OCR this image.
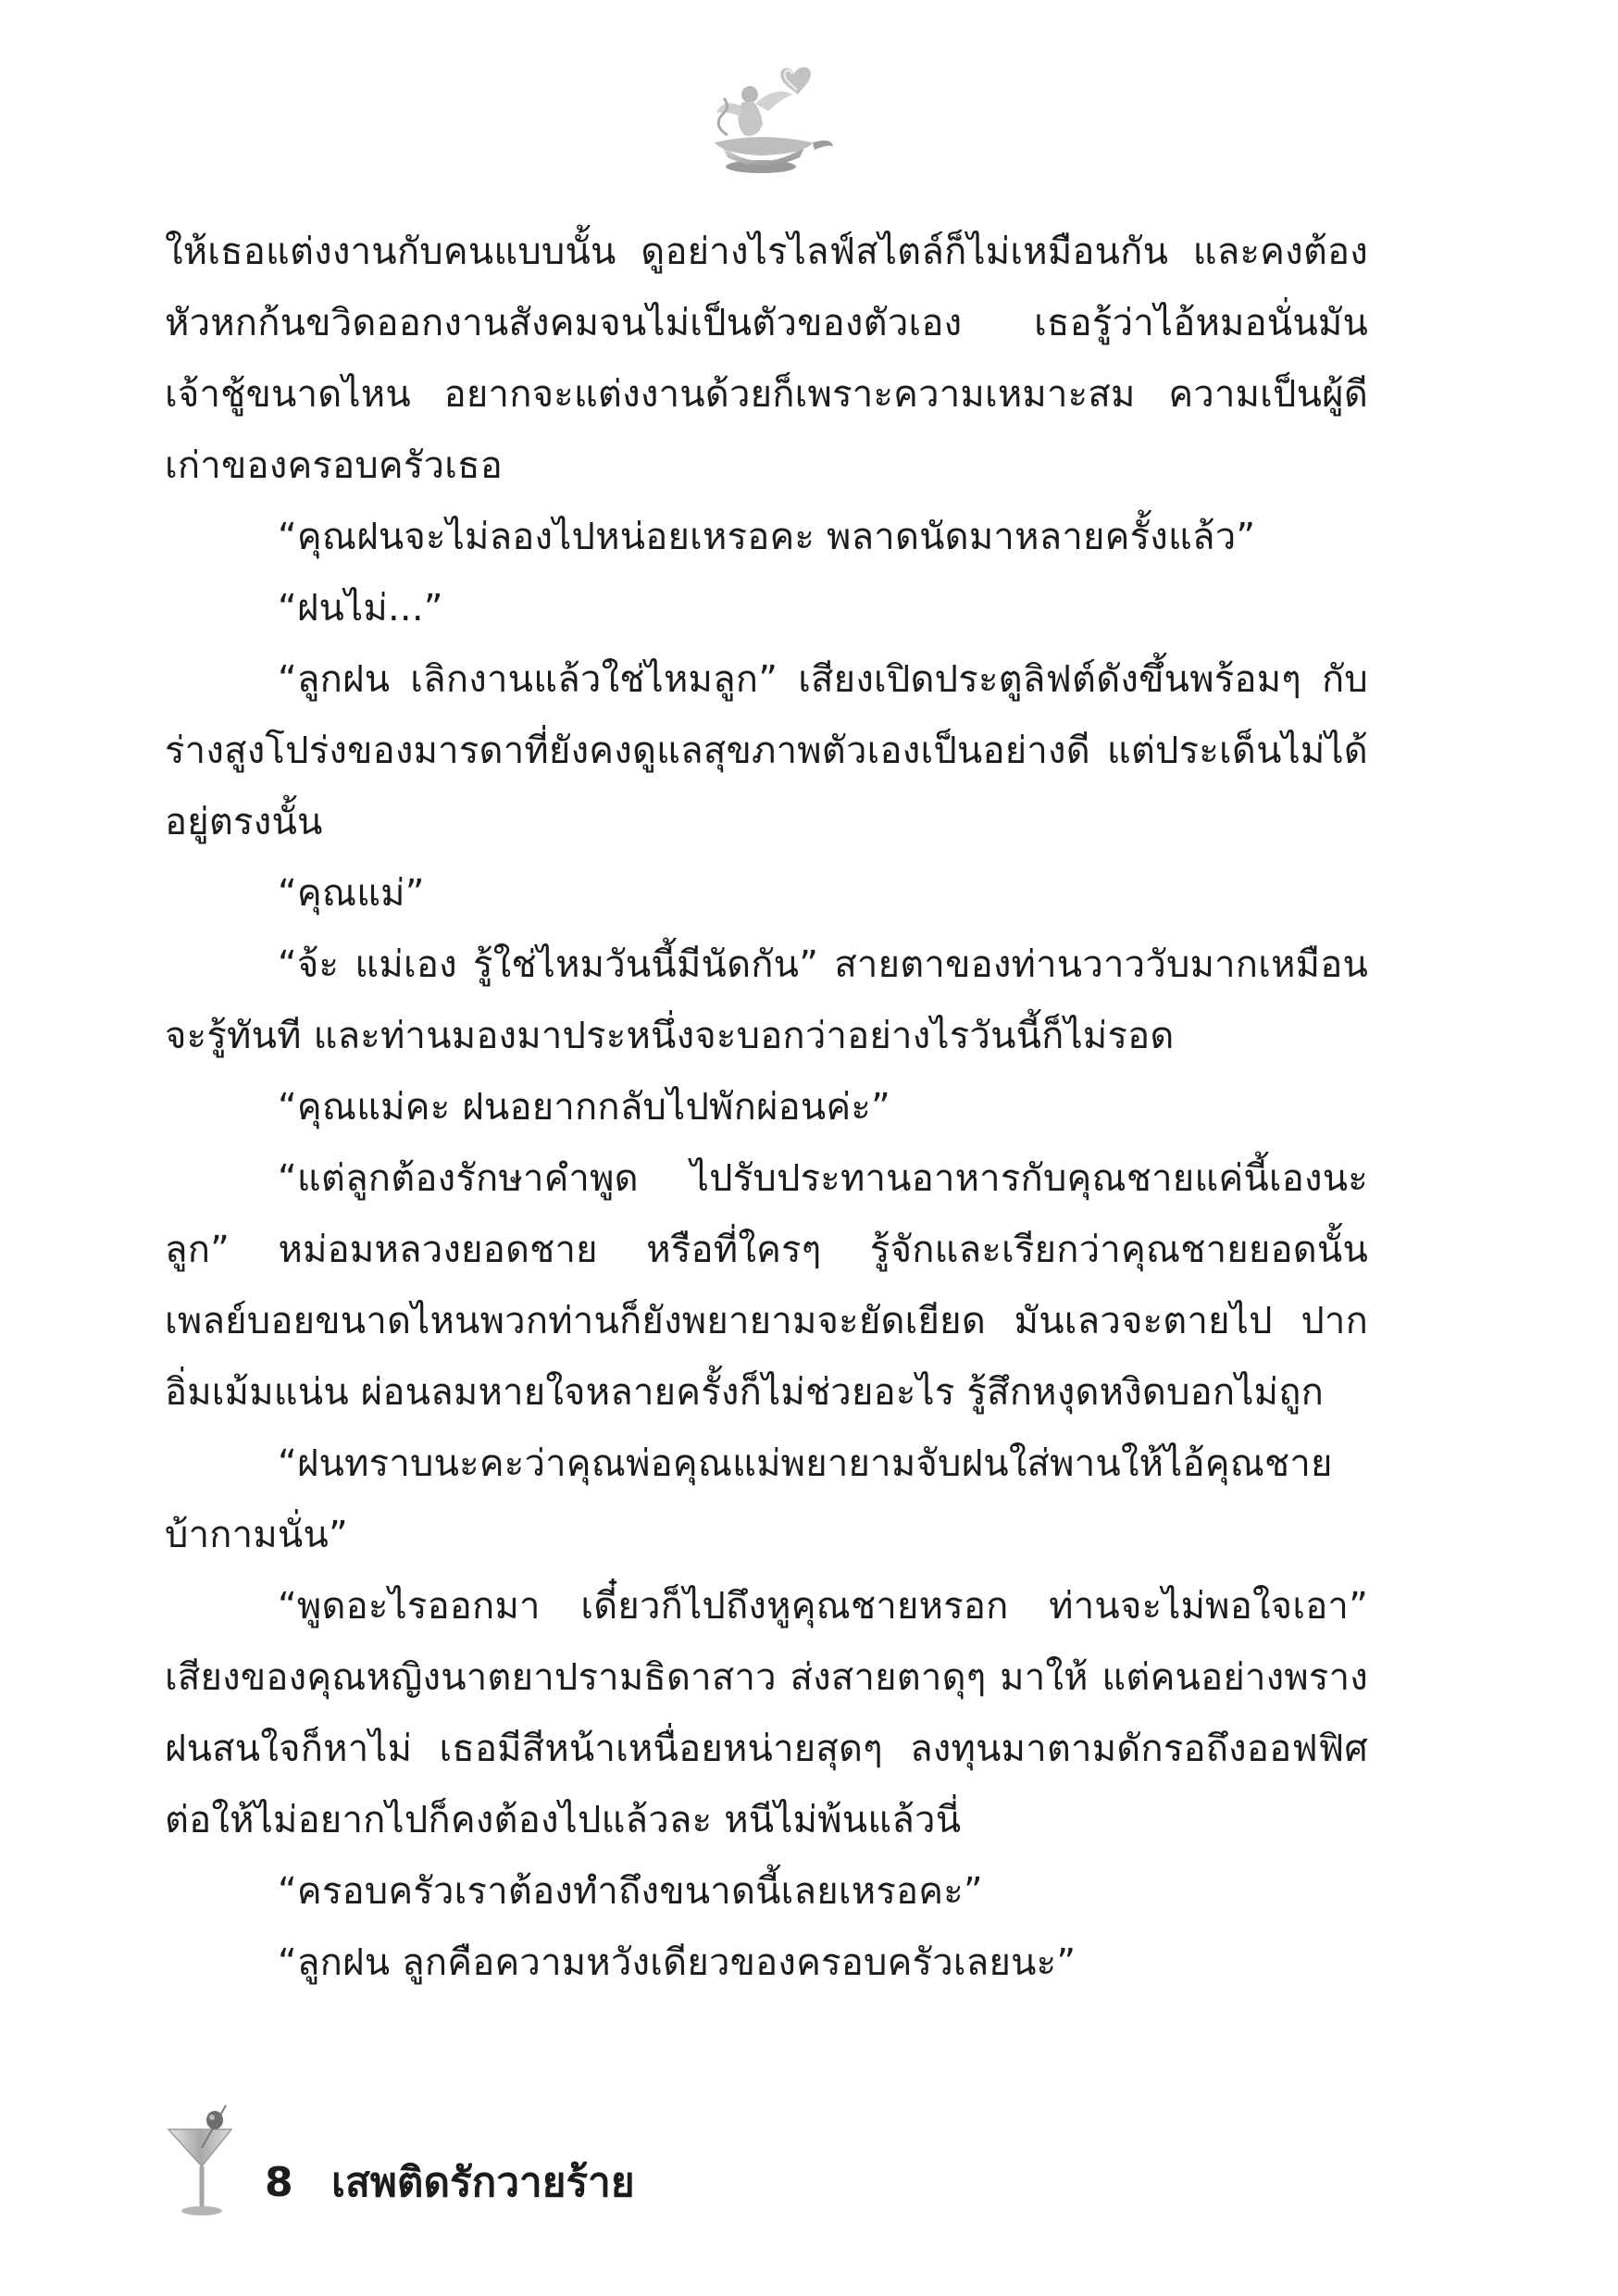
ให้เธอแต่งงานกับคนแบบนั้น ดูอย่างไรไลฟ์สไตล์ก็ไม่เหมือนกัน และคงต้องหัวหกก้นขวิดออกงานสังคมจนไม่เป็นตัวของตัวเอง เธอรู้ว่าไอ้หมอนั่นมันเจ้าชู้ขนาดไหน อยากจะแต่งงานด้วยก็เพราะความเหมาะสม ความเป็นผู้ดีเก่าของครอบครัวเธอ

“คุณฝนจะไม่ลองไปหน่อยเหรอคะ พลาดนัดมาหลายครั้งแล้ว”

“ฝนไม่...”

“ลูกฝน เลิกงานแล้วใช่ไหมลูก” เสียงเปิดประตูลิฟต์ดังขึ้นพร้อมๆ กับร่างสูงโปร่งของมารดาที่ยังคงดูแลสุขภาพตัวเองเป็นอย่างดี แต่ประเด็นไม่ได้อยู่ตรงนั้น

“คุณแม่”

“จ้ะ แม่เอง รู้ใช่ไหมวันนี้มีนัดกัน” สายตาของท่านวาววับมากเหมือนจะรู้ทันที และท่านมองมาประหนึ่งจะบอกว่าอย่างไรวันนี้ก็ไม่รอด

“คุณแม่คะ ฝนอยากกลับไปพักผ่อนค่ะ”

“แต่ลูกต้องรักษาคำพูด ไปรับประทานอาหารกับคุณชายแค่นี้เองนะลูก” หม่อมหลวงยอดชาย หรือที่ใครๆ รู้จักและเรียกว่าคุณชายยอดนั้นเพลย์บอยขนาดไหนพวกท่านก็ยังพยายามจะยัดเยียด มันเลวจะตายไป ปากอิ่มเม้มแน่น ผ่อนลมหายใจหลายครั้งก็ไม่ช่วยอะไร รู้สึกหงุดหงิดบอกไม่ถูก

“ฝนทราบนะคะว่าคุณพ่อคุณแม่พยายามจับฝนใส่พานให้ไอ้คุณชายบ้ากามนั่น”

“พูดอะไรออกมา เดี๋ยวก็ไปถึงหูคุณชายหรอก ท่านจะไม่พอใจเอา” เสียงของคุณหญิงนาตยาปรามธิดาสาว ส่งสายตาดุๆ มาให้ แต่คนอย่างพรางฝนสนใจก็หาไม่ เธอมีสีหน้าเหนื่อยหน่ายสุดๆ ลงทุนมาตามดักรอถึงออฟฟิศ ต่อให้ไม่อยากไปก็คงต้องไปแล้วละ หนีไม่พ้นแล้วนี่

“ครอบครัวเราต้องทำถึงขนาดนี้เลยเหรอคะ”

“ลูกฝน ลูกคือความหวังเดียวของครอบครัวเลยนะ”

8 เสพติดรักวายร้าย
